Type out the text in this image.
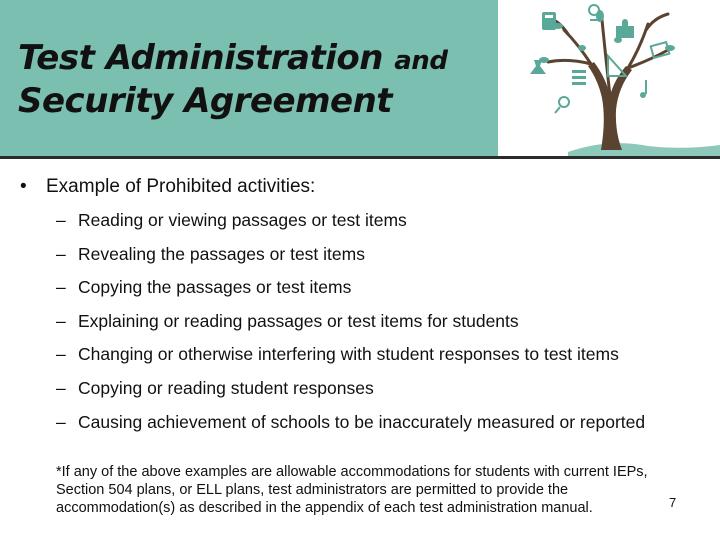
Test Administration and
Security Agreement
• Example of Prohibited activities:
– Reading or viewing passages or test items
– Revealing the passages or test items
– Copying the passages or test items
– Explaining or reading passages or test items for students
– Changing or otherwise interfering with student responses to test items
– Copying or reading student responses
– Causing achievement of schools to be inaccurately measured or reported

*If any of the above examples are allowable accommodations for students with current IEPs,
Section 504 plans, or ELL plans, test administrators are permitted to provide the
accommodation(s) as described in the appendix of each test administration manual.	7
